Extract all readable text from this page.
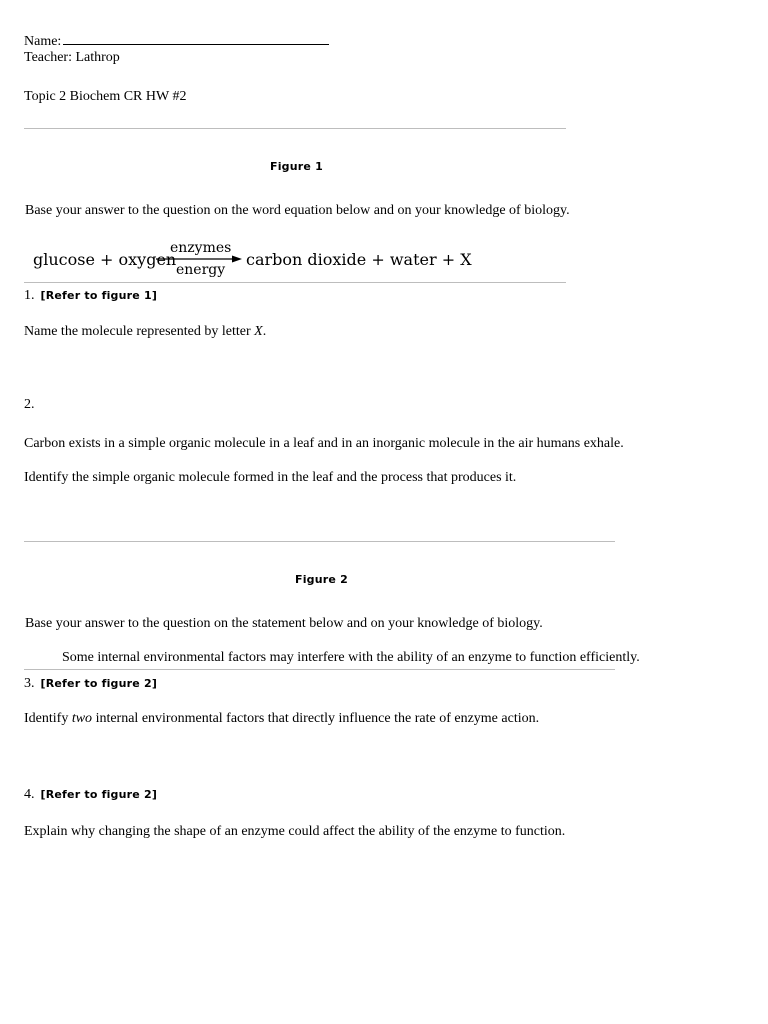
Name:
Teacher: Lathrop
Topic 2 Biochem CR HW #2
Figure 1
Base your answer to the question on the word equation below and on your knowledge of biology.
glucose + oxygen
enzymes
energy
carbon dioxide + water + X
1. [Refer to figure 1]
Name the molecule represented by letter X.
2.
Carbon exists in a simple organic molecule in a leaf and in an inorganic molecule in the air humans exhale.
Identify the simple organic molecule formed in the leaf and the process that produces it.
Figure 2
Base your answer to the question on the statement below and on your knowledge of biology.
Some internal environmental factors may interfere with the ability of an enzyme to function efficiently.
3. [Refer to figure 2]
Identify two internal environmental factors that directly influence the rate of enzyme action.
4. [Refer to figure 2]
Explain why changing the shape of an enzyme could affect the ability of the enzyme to function.
